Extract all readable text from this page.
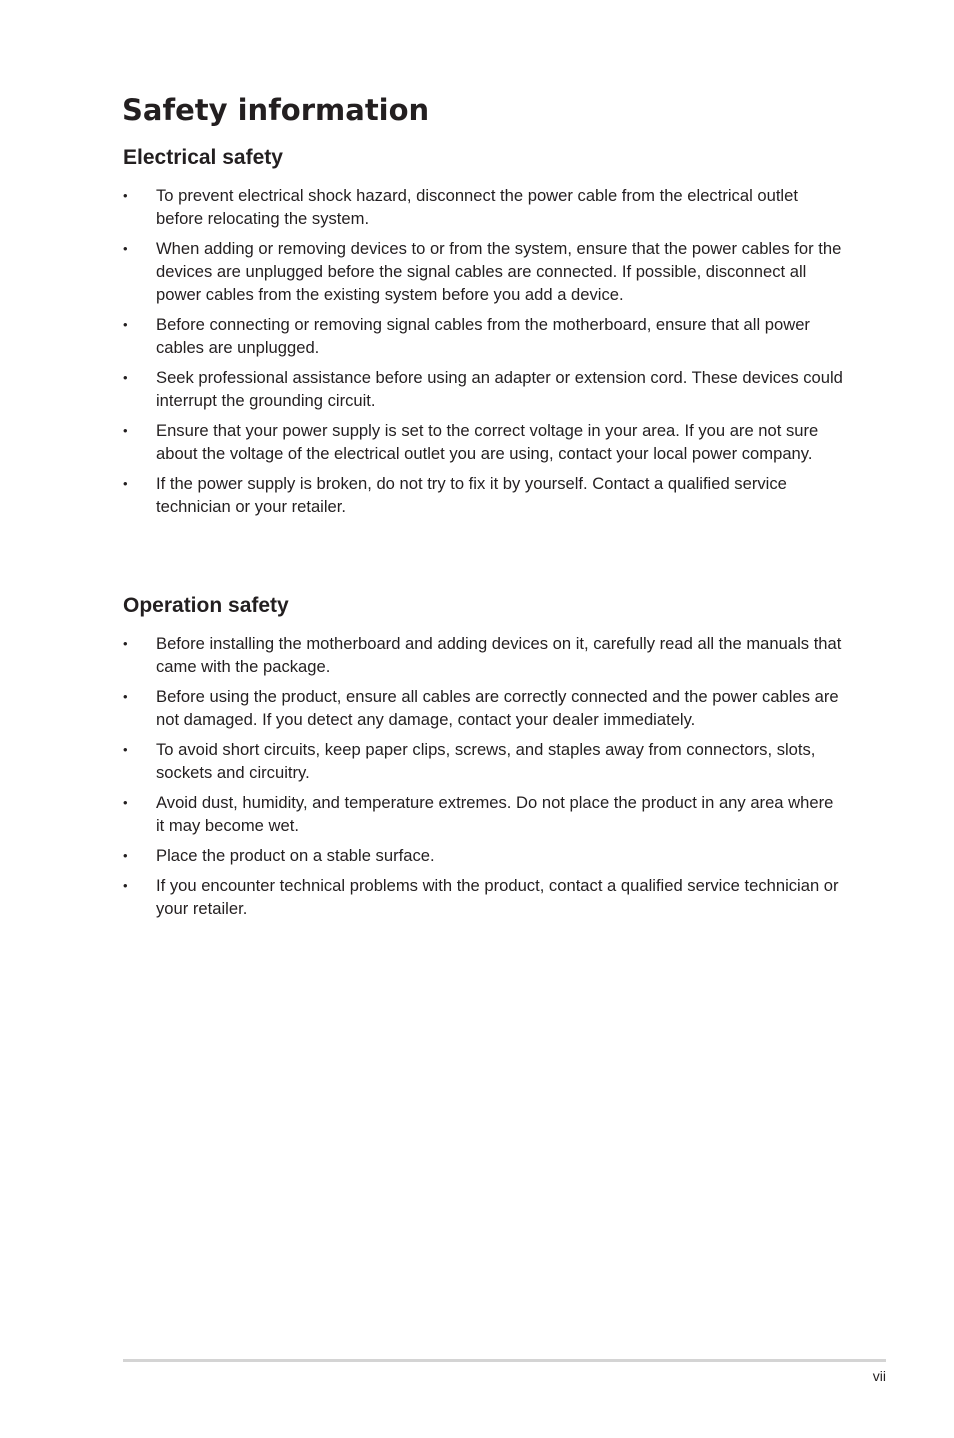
Safety information
Electrical safety
•	To prevent electrical shock hazard, disconnect the power cable from the electrical outlet before relocating the system.
•	When adding or removing devices to or from the system, ensure that the power cables for the devices are unplugged before the signal cables are connected. If possible, disconnect all power cables from the existing system before you add a device.
•	Before connecting or removing signal cables from the motherboard, ensure that all power cables are unplugged.
•	Seek professional assistance before using an adapter or extension cord. These devices could interrupt the grounding circuit.
•	Ensure that your power supply is set to the correct voltage in your area. If you are not sure about the voltage of the electrical outlet you are using, contact your local power company.
•	If the power supply is broken, do not try to fix it by yourself. Contact a qualified service technician or your retailer.
Operation safety
•	Before installing the motherboard and adding devices on it, carefully read all the manuals that came with the package.
•	Before using the product, ensure all cables are correctly connected and the power cables are not damaged. If you detect any damage, contact your dealer immediately.
•	To avoid short circuits, keep paper clips, screws, and staples away from connectors, slots, sockets and circuitry.
•	Avoid dust, humidity, and temperature extremes. Do not place the product in any area where it may become wet.
•	Place the product on a stable surface.
•	If you encounter technical problems with the product, contact a qualified service technician or your retailer.
vii
